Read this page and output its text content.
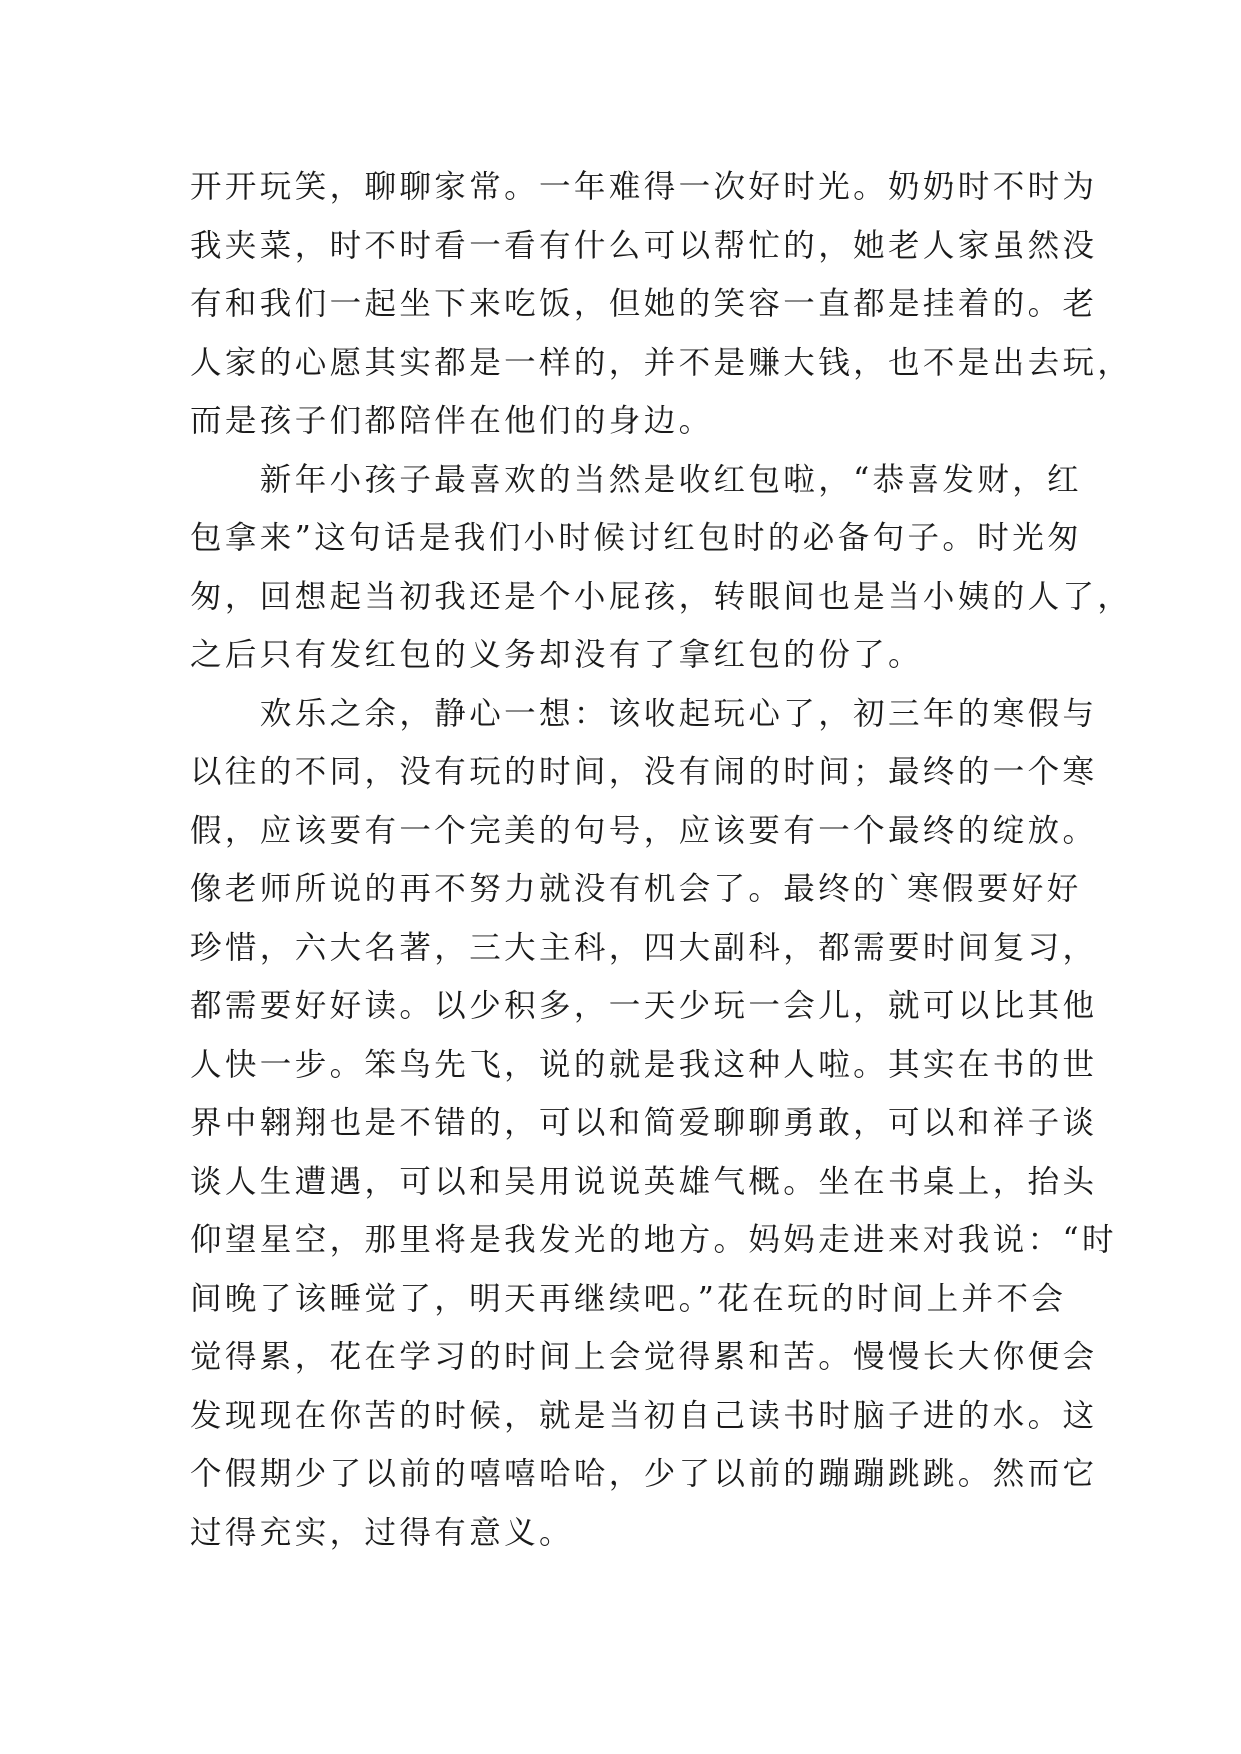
开开玩笑，聊聊家常。一年难得一次好时光。奶奶时不时为
我夹菜，时不时看一看有什么可以帮忙的，她老人家虽然没
有和我们一起坐下来吃饭，但她的笑容一直都是挂着的。老
人家的心愿其实都是一样的，并不是赚大钱，也不是出去玩，
而是孩子们都陪伴在他们的身边。
　　新年小孩子最喜欢的当然是收红包啦，“恭喜发财，红
包拿来”这句话是我们小时候讨红包时的必备句子。时光匆
匆，回想起当初我还是个小屁孩，转眼间也是当小姨的人了，
之后只有发红包的义务却没有了拿红包的份了。
　　欢乐之余，静心一想：该收起玩心了，初三年的寒假与
以往的不同，没有玩的时间，没有闹的时间；最终的一个寒
假，应该要有一个完美的句号，应该要有一个最终的绽放。
像老师所说的再不努力就没有机会了。最终的`寒假要好好
珍惜，六大名著，三大主科，四大副科，都需要时间复习，
都需要好好读。以少积多，一天少玩一会儿，就可以比其他
人快一步。笨鸟先飞，说的就是我这种人啦。其实在书的世
界中翱翔也是不错的，可以和简爱聊聊勇敢，可以和祥子谈
谈人生遭遇，可以和吴用说说英雄气概。坐在书桌上，抬头
仰望星空，那里将是我发光的地方。妈妈走进来对我说：“时
间晚了该睡觉了，明天再继续吧。”花在玩的时间上并不会
觉得累，花在学习的时间上会觉得累和苦。慢慢长大你便会
发现现在你苦的时候，就是当初自己读书时脑子进的水。这
个假期少了以前的嘻嘻哈哈，少了以前的蹦蹦跳跳。然而它
过得充实，过得有意义。
